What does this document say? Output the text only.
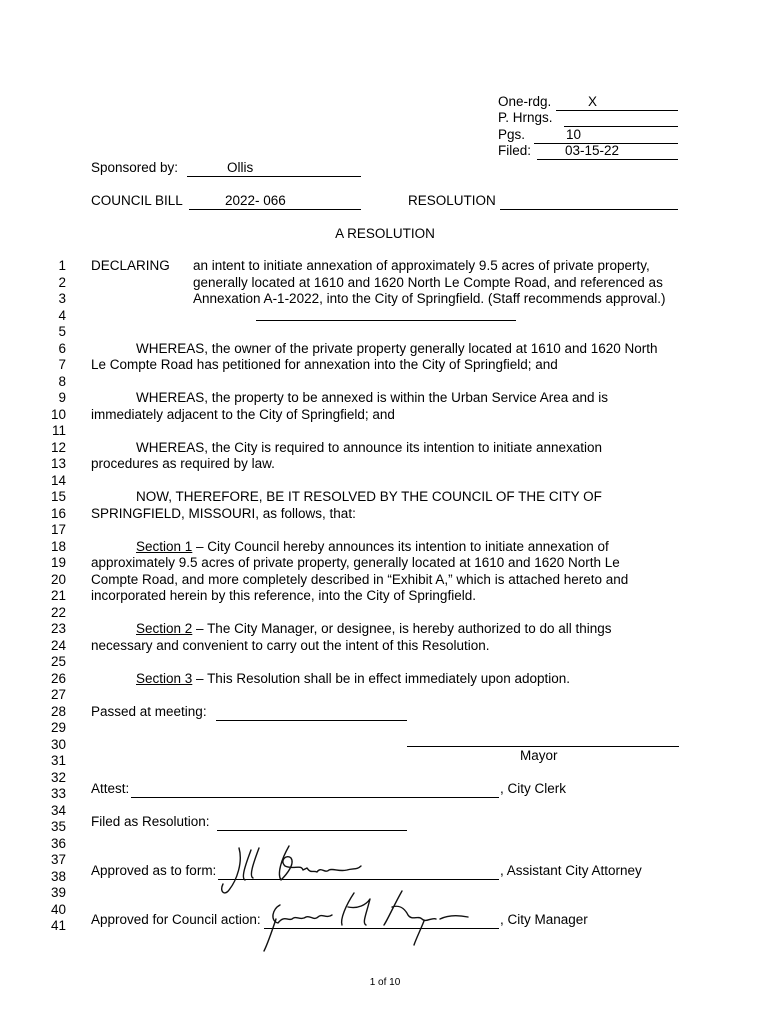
One-rdg.	X
P. Hrngs.
Pgs.	10
Filed:	03-15-22
Sponsored by:	Ollis
COUNCIL BILL	2022- 066	RESOLUTION
A RESOLUTION
1
2
3
4
5
6
7
8
9
10
11
12
13
14
15
16
17
18
19
20
21
22
23
24
25
26
27
28
29
30
31
32
33
34
35
36
37
38
39
40
41
DECLARING an intent to initiate annexation of approximately 9.5 acres of private property,
generally located at 1610 and 1620 North Le Compte Road, and referenced as
Annexation A-1-2022, into the City of Springfield. (Staff recommends approval.)
WHEREAS, the owner of the private property generally located at 1610 and 1620 North
Le Compte Road has petitioned for annexation into the City of Springfield; and
WHEREAS, the property to be annexed is within the Urban Service Area and is
immediately adjacent to the City of Springfield; and
WHEREAS, the City is required to announce its intention to initiate annexation
procedures as required by law.
NOW, THEREFORE, BE IT RESOLVED BY THE COUNCIL OF THE CITY OF
SPRINGFIELD, MISSOURI, as follows, that:
Section 1 – City Council hereby announces its intention to initiate annexation of
approximately 9.5 acres of private property, generally located at 1610 and 1620 North Le
Compte Road, and more completely described in “Exhibit A,” which is attached hereto and
incorporated herein by this reference, into the City of Springfield.
Section 2 – The City Manager, or designee, is hereby authorized to do all things
necessary and convenient to carry out the intent of this Resolution.
Section 3 – This Resolution shall be in effect immediately upon adoption.
Passed at meeting:
Mayor
Attest:	, City Clerk
Filed as Resolution:
Approved as to form:	, Assistant City Attorney
Approved for Council action:	, City Manager
1 of 10
